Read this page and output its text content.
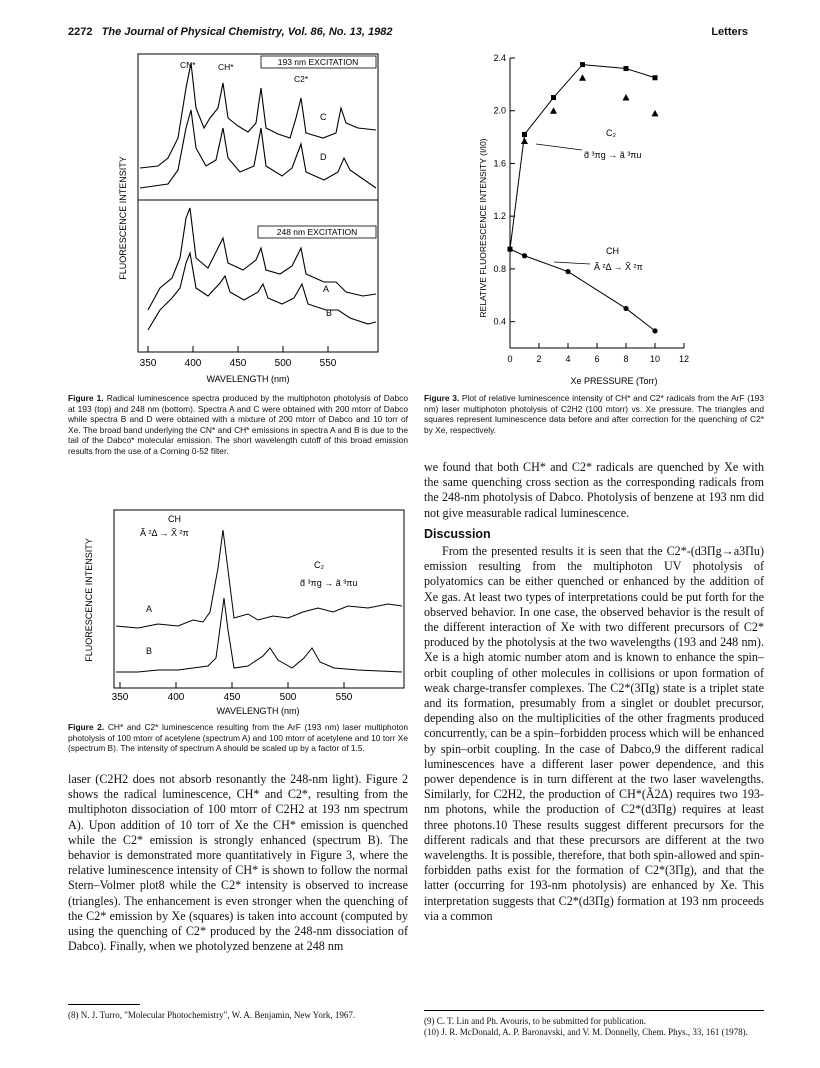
2272 The Journal of Physical Chemistry, Vol. 86, No. 13, 1982	Letters
350	400	450	500	550
WAVELENGTH (nm)
FLUORESCENCE INTENSITY
193 nm EXCITATION
248 nm EXCITATION
CN*	CH*
C2*
C
D
A
B
Figure 1. Radical luminescence spectra produced by the multiphoton photolysis of Dabco at 193 (top) and 248 nm (bottom). Spectra A and C were obtained with 200 mtorr of Dabco while spectra B and D were obtained with a mixture of 200 mtorr of Dabco and 10 torr of Xe. The broad band underlying the CN* and CH* emissions in spectra A and B is due to the tail of the Dabco* molecular emission. The short wavelength cutoff of this broad emission results from the use of a Corning 0-52 filter.
350	400	450	500	550
WAVELENGTH (nm)
FLUORESCENCE INTENSITY
CH
Ã ²Δ → X̃ ²π
C₂
d̃ ³πg → ã ³πu
A
B
Figure 2. CH* and C2* luminescence resulting from the ArF (193 nm) laser multiphoton photolysis of 100 mtorr of acetylene (spectrum A) and 100 mtorr of acetylene and 10 torr Xe (spectrum B). The intensity of spectrum A should be scaled up by a factor of 1.5.

laser (C2H2 does not absorb resonantly the 248-nm light). Figure 2 shows the radical luminescence, CH* and C2*, resulting from the multiphoton dissociation of 100 mtorr of C2H2 at 193 nm spectrum A). Upon addition of 10 torr of Xe the CH* emission is quenched while the C2* emission is strongly enhanced (spectrum B). The behavior is demonstrated more quantitatively in Figure 3, where the relative luminescence intensity of CH* is shown to follow the normal Stern–Volmer plot8 while the C2* intensity is observed to increase (triangles). The enhancement is even stronger when the quenching of the C2* emission by Xe (squares) is taken into account (computed by using the quenching of C2* produced by the 248-nm dissociation of Dabco). Finally, when we photolyzed benzene at 248 nm

(8) N. J. Turro, "Molecular Photochemistry", W. A. Benjamin, New York, 1967.
RELATIVE FLUORESCENCE INTENSITY (I/I0)
Xe PRESSURE (Torr)
C₂
d̃ ³πg → ã ³πu
CH
Ã ²Δ → X̃ ²π
0.4
0.8
1.2
1.6
2.0
2.4
0	2	4	6	8 10 12
Figure 3. Plot of relative luminescence intensity of CH* and C2* radicals from the ArF (193 nm) laser multiphoton photolysis of C2H2 (100 mtorr) vs. Xe pressure. The triangles and squares represent luminescence data before and after correction for the quenching of C2* by Xe, respectively.

we found that both CH* and C2* radicals are quenched by Xe with the same quenching cross section as the corresponding radicals from the 248-nm photolysis of Dabco. Photolysis of benzene at 193 nm did not give measurable radical luminescence.

Discussion

From the presented results it is seen that the C2*-(d3Πg→a3Πu) emission resulting from the multiphoton UV photolysis of polyatomics can be either quenched or enhanced by the addition of Xe gas. At least two types of interpretations could be put forth for the observed behavior. In one case, the observed behavior is the result of the different interaction of Xe with two different precursors of C2* produced by the photolysis at the two wavelengths (193 and 248 nm). Xe is a high atomic number atom and is known to enhance the spin–orbit coupling of other molecules in collisions or upon formation of weak charge-transfer complexes. The C2*(3Πg) state is a triplet state and its formation, presumably from a singlet or doublet precursor, depending also on the multiplicities of the other fragments produced concurrently, can be a spin–forbidden process which will be enhanced by spin–orbit coupling. In the case of Dabco,9 the different radical luminescences have a different laser power dependence, and this power dependence is in turn different at the two laser wavelengths. Similarly, for C2H2, the production of CH*(Ã2Δ) requires two 193-nm photons, while the production of C2*(d3Πg) requires at least three photons.10 These results suggest different precursors for the different radicals and that these precursors are different at the two wavelengths. It is possible, therefore, that both spin-allowed and spin-forbidden paths exist for the formation of C2*(3Πg), and that the latter (occurring for 193-nm photolysis) are enhanced by Xe. This interpretation suggests that C2*(d3Πg) formation at 193 nm proceeds via a common

(9) C. T. Lin and Ph. Avouris, to be submitted for publication.
(10) J. R. McDonald, A. P. Baronavski, and V. M. Donnelly, Chem. Phys., 33, 161 (1978).
